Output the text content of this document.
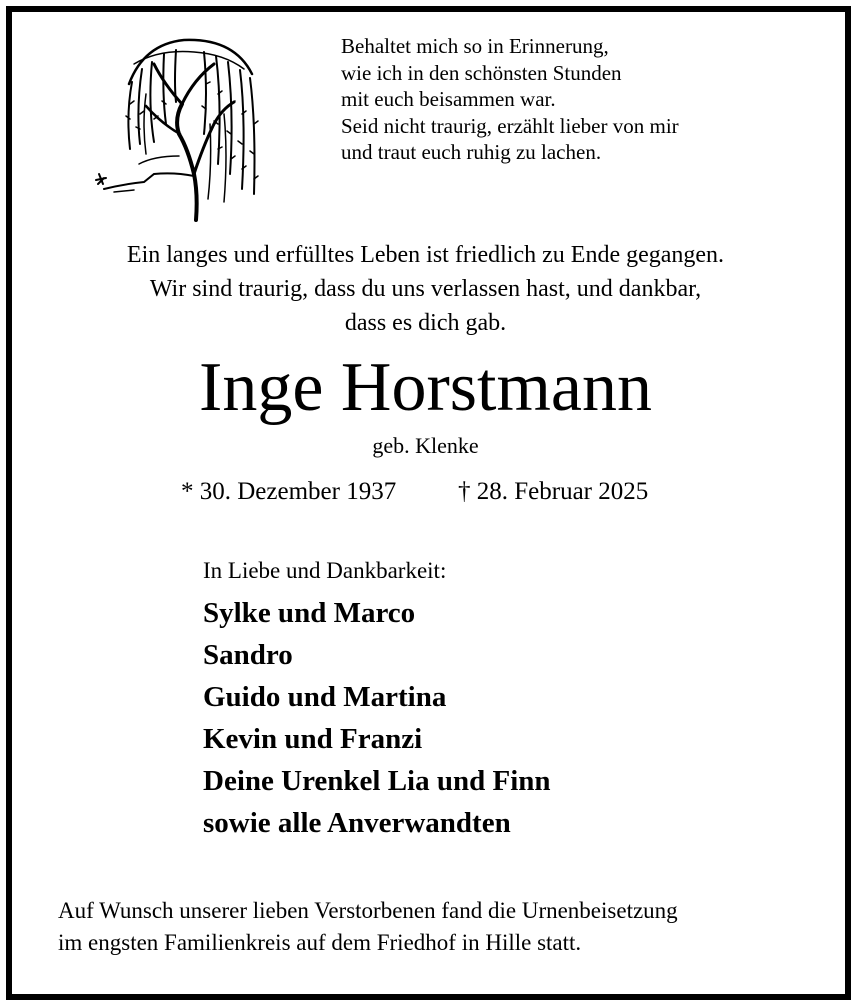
Behaltet mich so in Erinnerung,
wie ich in den schönsten Stunden
mit euch beisammen war.
Seid nicht traurig, erzählt lieber von mir
und traut euch ruhig zu lachen.
Ein langes und erfülltes Leben ist friedlich zu Ende gegangen.
Wir sind traurig, dass du uns verlassen hast, und dankbar,
dass es dich gab.
Inge Horstmann
geb. Klenke
* 30. Dezember 1937 † 28. Februar 2025
In Liebe und Dankbarkeit:
Sylke und Marco
Sandro
Guido und Martina
Kevin und Franzi
Deine Urenkel Lia und Finn
sowie alle Anverwandten
Auf Wunsch unserer lieben Verstorbenen fand die Urnenbeisetzung
im engsten Familienkreis auf dem Friedhof in Hille statt.
